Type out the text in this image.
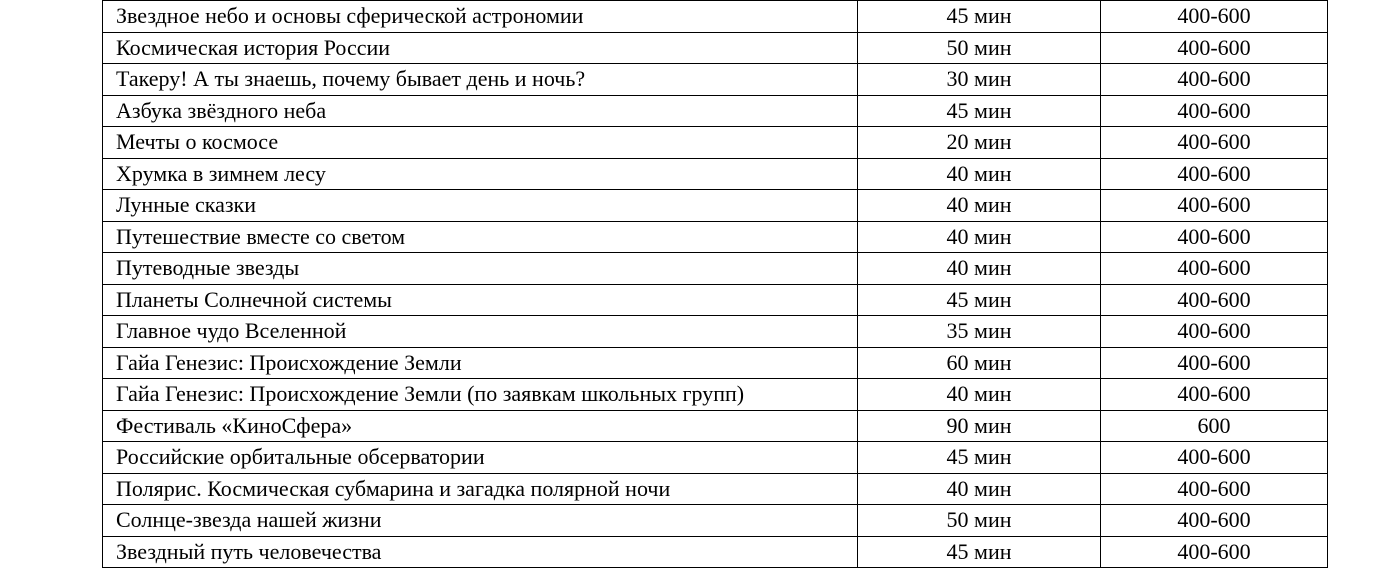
Звездное небо и основы сферической астрономии	45 мин	400-600
Космическая история России	50 мин	400-600
Такеру! А ты знаешь, почему бывает день и ночь?	30 мин	400-600
Азбука звёздного неба	45 мин	400-600
Мечты о космосе	20 мин	400-600
Хрумка в зимнем лесу	40 мин	400-600
Лунные сказки	40 мин	400-600
Путешествие вместе со светом	40 мин	400-600
Путеводные звезды	40 мин	400-600
Планеты Солнечной системы	45 мин	400-600
Главное чудо Вселенной	35 мин	400-600
Гайа Генезис: Происхождение Земли	60 мин	400-600
Гайа Генезис: Происхождение Земли (по заявкам школьных групп)	40 мин	400-600
Фестиваль «КиноСфера»	90 мин	600
Российские орбитальные обсерватории	45 мин	400-600
Полярис. Космическая субмарина и загадка полярной ночи	40 мин	400-600
Солнце-звезда нашей жизни	50 мин	400-600
Звездный путь человечества	45 мин	400-600
